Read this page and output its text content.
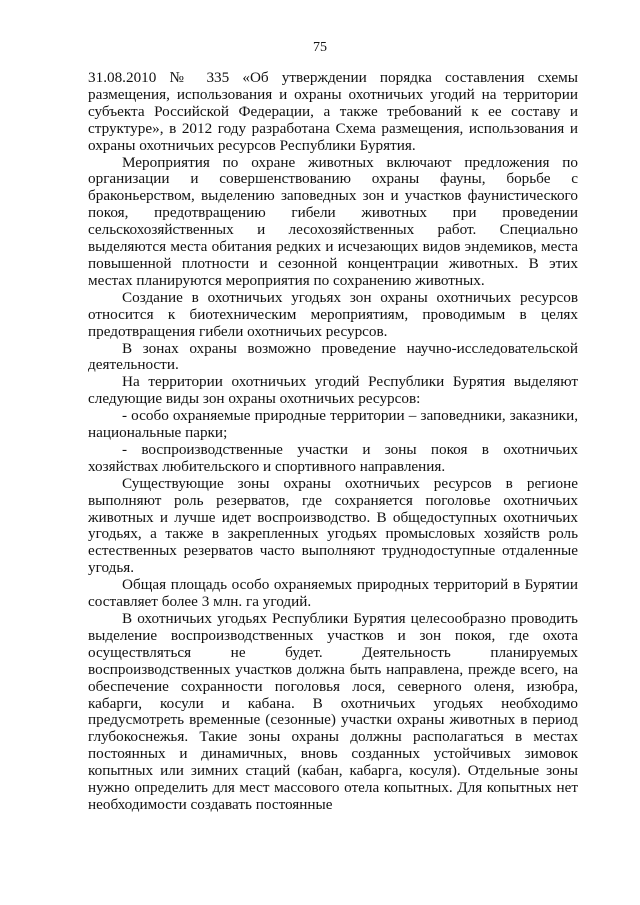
75

31.08.2010 № 335 «Об утверждении порядка составления схемы размещения, использования и охраны охотничьих угодий на территории субъекта Российской Федерации, а также требований к ее составу и структуре», в 2012 году разработана Схема размещения, использования и охраны охотничьих ресурсов Республики Бурятия.

Мероприятия по охране животных включают предложения по организации и совершенствованию охраны фауны, борьбе с браконьерством, выделению заповедных зон и участков фаунистического покоя, предотвращению гибели животных при проведении сельскохозяйственных и лесохозяйственных работ. Специально выделяются места обитания редких и исчезающих видов эндемиков, места повышенной плотности и сезонной концентрации животных. В этих местах планируются мероприятия по сохранению животных.

Создание в охотничьих угодьях зон охраны охотничьих ресурсов относится к биотехническим мероприятиям, проводимым в целях предотвращения гибели охотничьих ресурсов.

В зонах охраны возможно проведение научно-исследовательской деятельности.

На территории охотничьих угодий Республики Бурятия выделяют следующие виды зон охраны охотничьих ресурсов:

- особо охраняемые природные территории – заповедники, заказники, национальные парки;

- воспроизводственные участки и зоны покоя в охотничьих хозяйствах любительского и спортивного направления.

Существующие зоны охраны охотничьих ресурсов в регионе выполняют роль резерватов, где сохраняется поголовье охотничьих животных и лучше идет воспроизводство. В общедоступных охотничьих угодьях, а также в закрепленных угодьях промысловых хозяйств роль естественных резерватов часто выполняют труднодоступные отдаленные угодья.

Общая площадь особо охраняемых природных территорий в Бурятии составляет более 3 млн. га угодий.

В охотничьих угодьях Республики Бурятия целесообразно проводить выделение воспроизводственных участков и зон покоя, где охота осуществляться не будет. Деятельность планируемых воспроизводственных участков должна быть направлена, прежде всего, на обеспечение сохранности поголовья лося, северного оленя, изюбра, кабарги, косули и кабана. В охотничьих угодьях необходимо предусмотреть временные (сезонные) участки охраны животных в период глубокоснежья. Такие зоны охраны должны располагаться в местах постоянных и динамичных, вновь созданных устойчивых зимовок копытных или зимних стаций (кабан, кабарга, косуля). Отдельные зоны нужно определить для мест массового отела копытных. Для копытных нет необходимости создавать постоянные
